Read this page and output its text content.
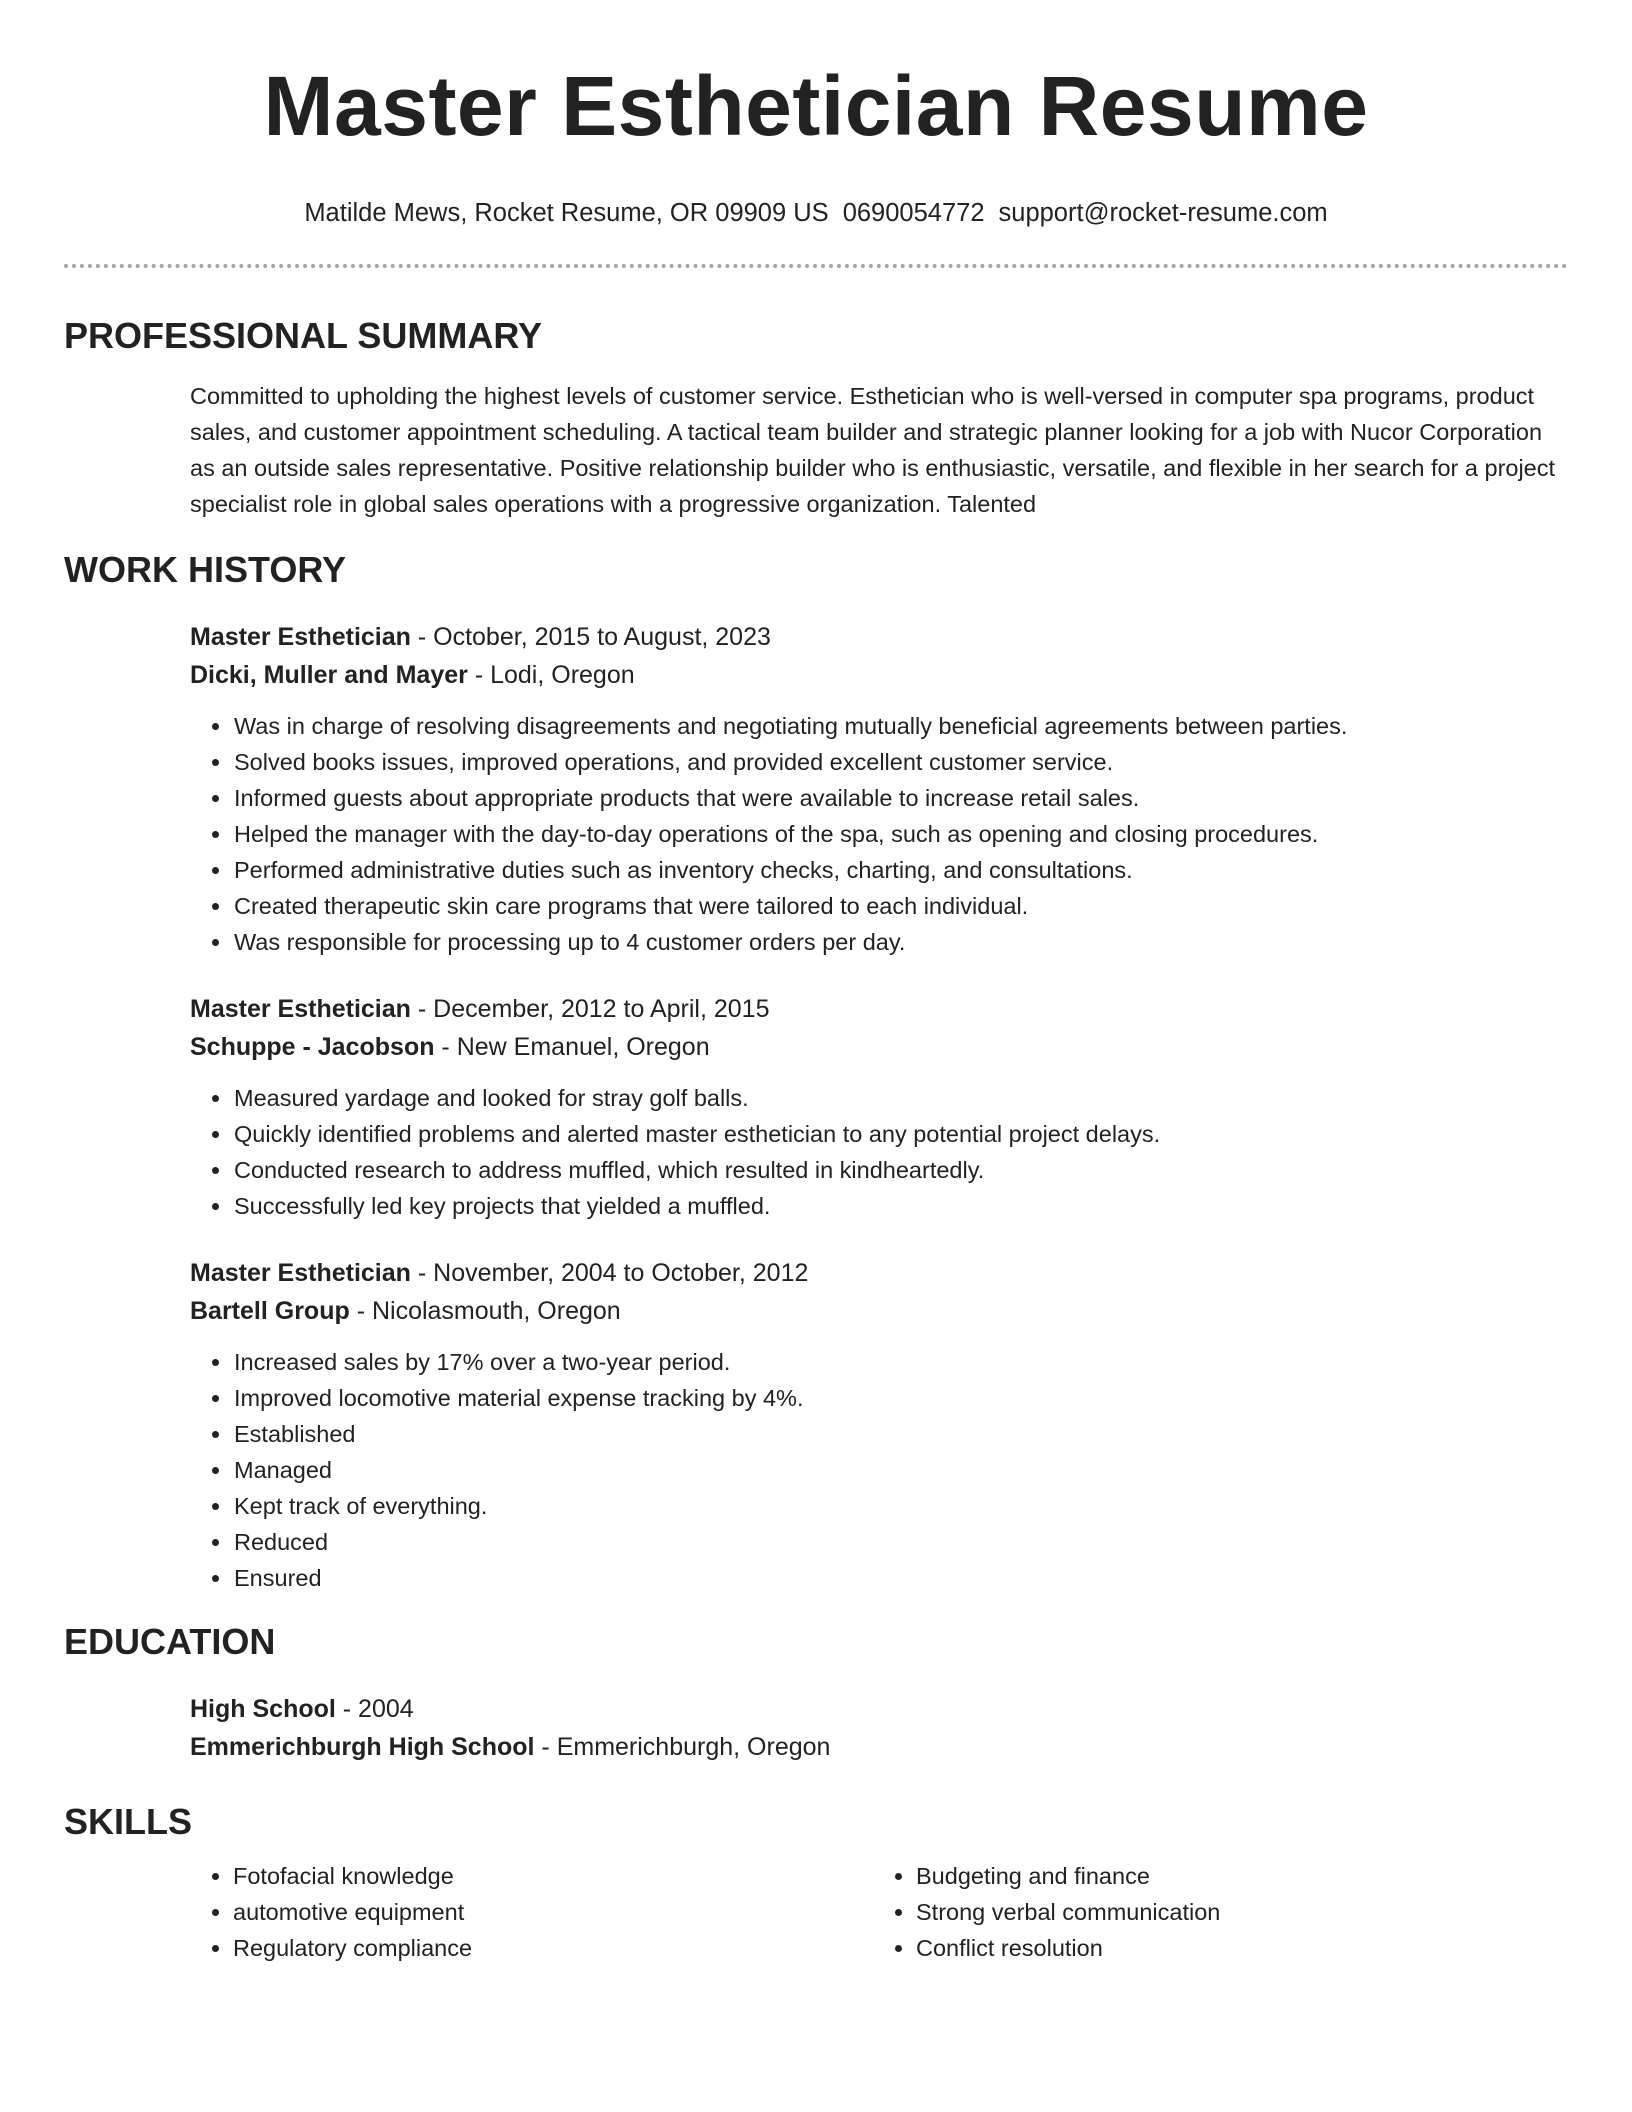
Master Esthetician Resume
Matilde Mews, Rocket Resume, OR 09909 US 0690054772 support@rocket-resume.com
PROFESSIONAL SUMMARY
Committed to upholding the highest levels of customer service. Esthetician who is well-versed in computer spa programs, product sales, and customer appointment scheduling. A tactical team builder and strategic planner looking for a job with Nucor Corporation as an outside sales representative. Positive relationship builder who is enthusiastic, versatile, and flexible in her search for a project specialist role in global sales operations with a progressive organization. Talented
WORK HISTORY
Master Esthetician - October, 2015 to August, 2023
Dicki, Muller and Mayer - Lodi, Oregon
• Was in charge of resolving disagreements and negotiating mutually beneficial agreements between parties.
• Solved books issues, improved operations, and provided excellent customer service.
• Informed guests about appropriate products that were available to increase retail sales.
• Helped the manager with the day-to-day operations of the spa, such as opening and closing procedures.
• Performed administrative duties such as inventory checks, charting, and consultations.
• Created therapeutic skin care programs that were tailored to each individual.
• Was responsible for processing up to 4 customer orders per day.
Master Esthetician - December, 2012 to April, 2015
Schuppe - Jacobson - New Emanuel, Oregon
• Measured yardage and looked for stray golf balls.
• Quickly identified problems and alerted master esthetician to any potential project delays.
• Conducted research to address muffled, which resulted in kindheartedly.
• Successfully led key projects that yielded a muffled.
Master Esthetician - November, 2004 to October, 2012
Bartell Group - Nicolasmouth, Oregon
• Increased sales by 17% over a two-year period.
• Improved locomotive material expense tracking by 4%.
• Established
• Managed
• Kept track of everything.
• Reduced
• Ensured
EDUCATION
High School - 2004
Emmerichburgh High School - Emmerichburgh, Oregon
SKILLS
• Fotofacial knowledge
• automotive equipment
• Regulatory compliance
• Budgeting and finance
• Strong verbal communication
• Conflict resolution
